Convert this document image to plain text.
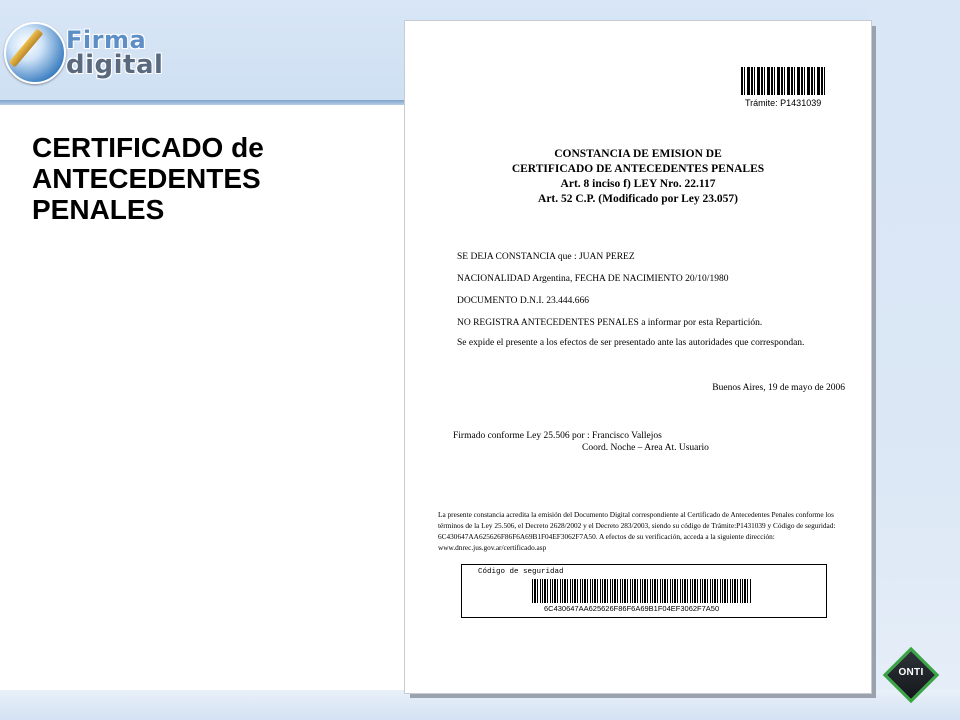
Firma
digital
CERTIFICADO de ANTECEDENTES PENALES
Trámite: P1431039
CONSTANCIA DE EMISION DE
CERTIFICADO DE ANTECEDENTES PENALES
Art. 8 inciso f) LEY Nro. 22.117
Art. 52 C.P. (Modificado por Ley 23.057)
SE DEJA CONSTANCIA que : JUAN PEREZ
NACIONALIDAD Argentina, FECHA DE NACIMIENTO 20/10/1980
DOCUMENTO D.N.I. 23.444.666
NO REGISTRA ANTECEDENTES PENALES a informar por esta Repartición.
Se expide el presente a los efectos de ser presentado ante las autoridades que correspondan.
Buenos Aires, 19 de mayo de 2006
Firmado conforme Ley 25.506 por : Francisco Vallejos
Coord. Noche – Area At. Usuario
La presente constancia acredita la emisión del Documento Digital correspondiente al Certificado de Antecedentes Penales conforme los términos de la Ley 25.506, el Decreto 2628/2002 y el Decreto 283/2003, siendo su código de Trámite:P1431039 y Código de seguridad: 6C430647AA625626F86F6A69B1F04EF3062F7A50. A efectos de su verificación, acceda a la siguiente dirección: www.dnrec.jus.gov.ar/certificado.asp
Código de seguridad
6C430647AA625626F86F6A69B1F04EF3062F7A50
ONTI
